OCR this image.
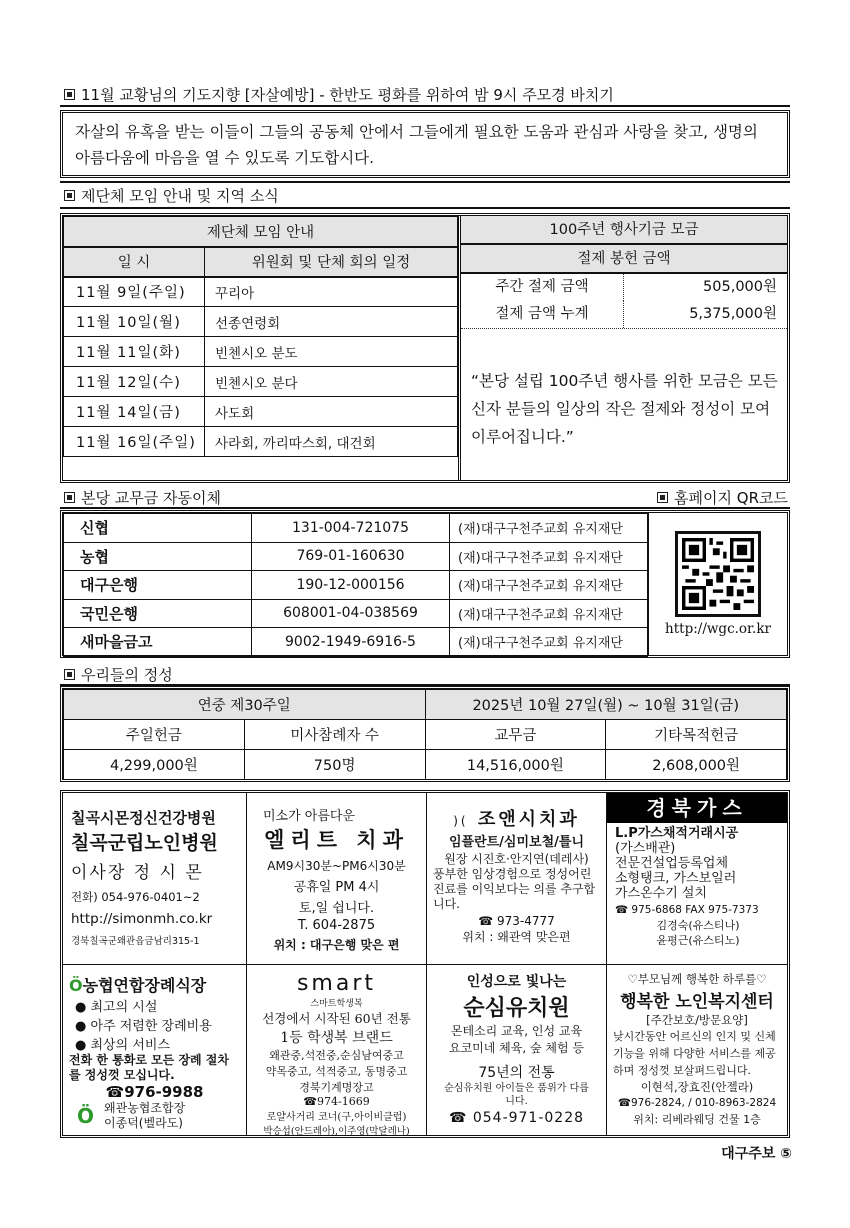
11월 교황님의 기도지향 [자살예방] - 한반도 평화를 위하여 밤 9시 주모경 바치기
자살의 유혹을 받는 이들이 그들의 공동체 안에서 그들에게 필요한 도움과 관심과 사랑을 찾고, 생명의 아름다움에 마음을 열 수 있도록 기도합시다.
제단체 모임 안내 및 지역 소식
제단체 모임 안내	
일 시	위원회 및 단체 회의 일정
11월 9일(주일)	꾸리아
11월 10일(월)	선종연령회
11월 11일(화)	빈첸시오 분도
11월 12일(수)	빈첸시오 분다
11월 14일(금)	사도회
11월 16일(주일)	사라회, 까리따스회, 대건회
100주년 행사기금 모금
절제 봉헌 금액
주간 절제 금액	505,000원
절제 금액 누계	5,375,000원
“본당 설립 100주년 행사를 위한 모금은 모든 신자 분들의 일상의 작은 절제와 정성이 모여 이루어집니다.”
본당 교무금 자동이체	홈페이지 QR코드
신협	131-004-721075	(재)대구구천주교회 유지재단
농협	769-01-160630	(재)대구구천주교회 유지재단
대구은행	190-12-000156	(재)대구구천주교회 유지재단
국민은행	608001-04-038569	(재)대구구천주교회 유지재단
새마을금고	9002-1949-6916-5	(재)대구구천주교회 유지재단
http://wgc.or.kr
우리들의 정성
연중 제30주일		2025년 10월 27일(월) ~ 10월 31일(금)	
주일헌금	미사참례자 수	교무금	기타목적헌금
4,299,000원	750명	14,516,000원	2,608,000원
칠곡시몬정신건강병원
칠곡군립노인병원
이사장 정 시 몬
전화) 054-976-0401~2
http://simonmh.co.kr
경북칠곡군왜관읍금남리315-1
미소가 아름다운
엘리트 치과
AM9시30분~PM6시30분
공휴일 PM 4시
토,일 쉽니다.
T. 604-2875
위치 : 대구은행 맞은 편
)( 조앤시치과
임플란트/심미보철/틀니
원장 시진호·안지연(데레사)
풍부한 임상경험으로 정성어린 진료를 이익보다는 의를 추구합니다.
☎ 973-4777
위치 : 왜관역 맞은편
경북가스
L.P가스채적거래시공
(가스배관)
전문건설업등록업체
소형탱크, 가스보일러
가스온수기 설치
☎ 975-6868 FAX 975-7373
김경숙(유스티나)
윤평근(유스티노)
Ö농협연합장례식장
● 최고의 시설
● 아주 저렴한 장례비용
● 최상의 서비스
전화 한 통화로 모든 장례 절차를 정성껏 모십니다.
☎976-9988
Ö 왜관농협조합장
이종덕(벨라도)
smart
스마트학생복
선경에서 시작된 60년 전통
1등 학생복 브랜드
왜관중,석전중,순심남여중고
약목중고, 석적중고, 동명중고
경북기계명장고
☎974-1669
로얄사거리 코너(구,아이비클럽)
박승섭(안드레아),이주영(막달레나)
인성으로 빛나는
순심유치원
몬테소리 교육, 인성 교육
요코미네 체육, 숲 체험 등
75년의 전통
순심유치원 아이들은 품위가 다릅니다.
☎ 054-971-0228
♡부모님께 행복한 하루를♡
행복한 노인복지센터
[주간보호/방문요양]
낮시간동안 어르신의 인지 및 신체기능을 위해 다양한 서비스를 제공하며 정성껏 보살펴드립니다.
이현석,장효진(안젤라)
☎976-2824, / 010-8963-2824
위치: 리베라웨딩 건물 1층
대구주보 ⑤
